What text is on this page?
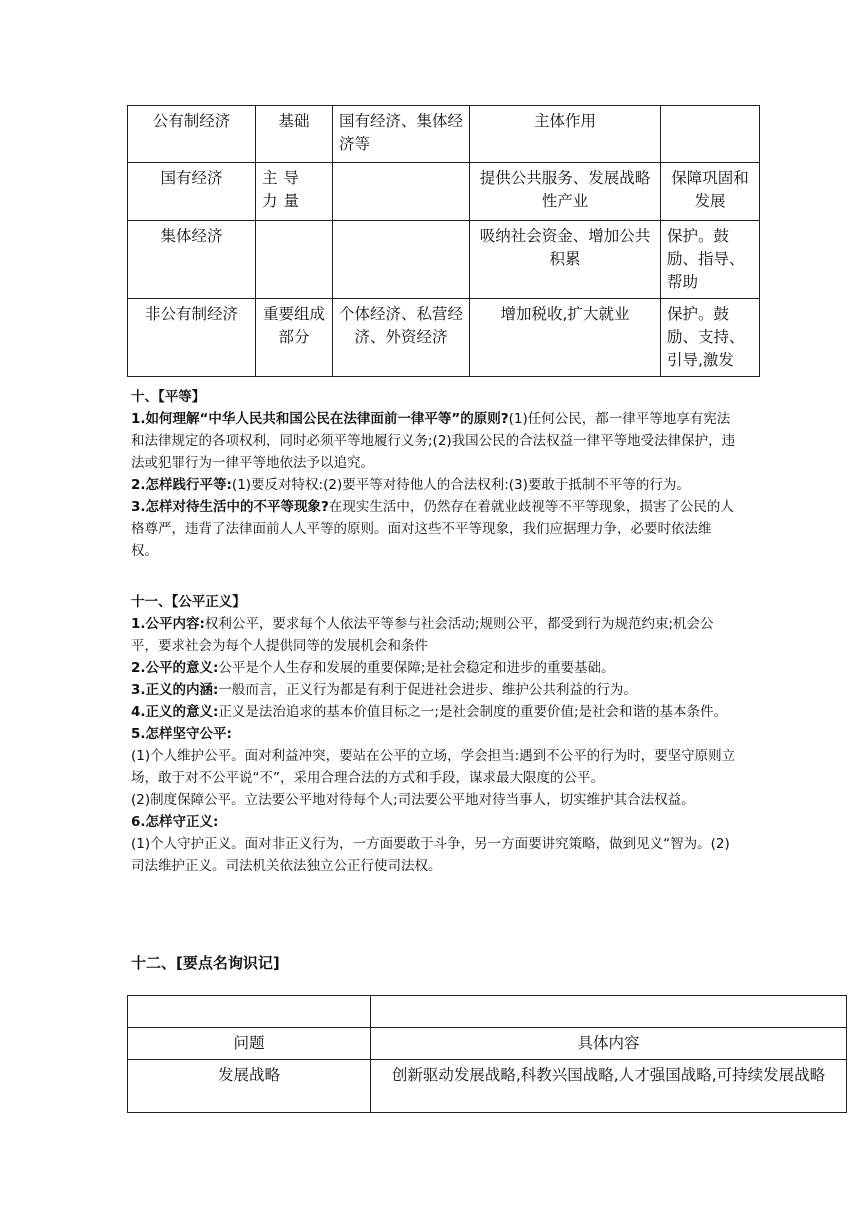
公有制经济	基础	国有经济、集体经济等	主体作用	
国有经济	主导力量		提供公共服务、发展战略性产业	保障巩固和发展
集体经济			吸纳社会资金、增加公共积累	保护。鼓励、指导、帮助
非公有制经济	重要组成部分	个体经济、私营经济、外资经济	增加税收,扩大就业	保护。鼓励、支持、引导,激发

十、【平等】

1.如何理解“中华人民共和国公民在法律面前一律平等”的原则?(1)任何公民，都一律平等地享有宪法和法律规定的各项权利，同时必须平等地履行义务;(2)我国公民的合法权益一律平等地受法律保护，违法或犯罪行为一律平等地依法予以追究。

2.怎样践行平等:(1)要反对特权:(2)要平等对待他人的合法权利:(3)要敢于抵制不平等的行为。

3.怎样对待生活中的不平等现象?在现实生活中，仍然存在着就业歧视等不平等现象，损害了公民的人格尊严，违背了法律面前人人平等的原则。面对这些不平等现象，我们应据理力争，必要时依法维权。

十一、【公平正义】

1.公平内容:权利公平，要求每个人依法平等参与社会活动;规则公平，都受到行为规范约束;机会公平，要求社会为每个人提供同等的发展机会和条件

2.公平的意义:公平是个人生存和发展的重要保障;是社会稳定和进步的重要基础。

3.正义的内涵:一般而言，正义行为都是有利于促进社会进步、维护公共利益的行为。

4.正义的意义:正义是法治追求的基本价值目标之一;是社会制度的重要价值;是社会和谐的基本条件。

5.怎样坚守公平:

(1)个人维护公平。面对利益冲突，要站在公平的立场，学会担当:遇到不公平的行为时，要坚守原则立场，敢于对不公平说“不”，采用合理合法的方式和手段，谋求最大限度的公平。

(2)制度保障公平。立法要公平地对待每个人;司法要公平地对待当事人，切实维护其合法权益。

6.怎样守正义:

(1)个人守护正义。面对非正义行为，一方面要敢于斗争，另一方面要讲究策略，做到见义“智为。(2)司法维护正义。司法机关依法独立公正行使司法权。

十二、[要点名询识记]

问题	具体内容
发展战略	创新驱动发展战略,科教兴国战略,人才强国战略,可持续发展战略
